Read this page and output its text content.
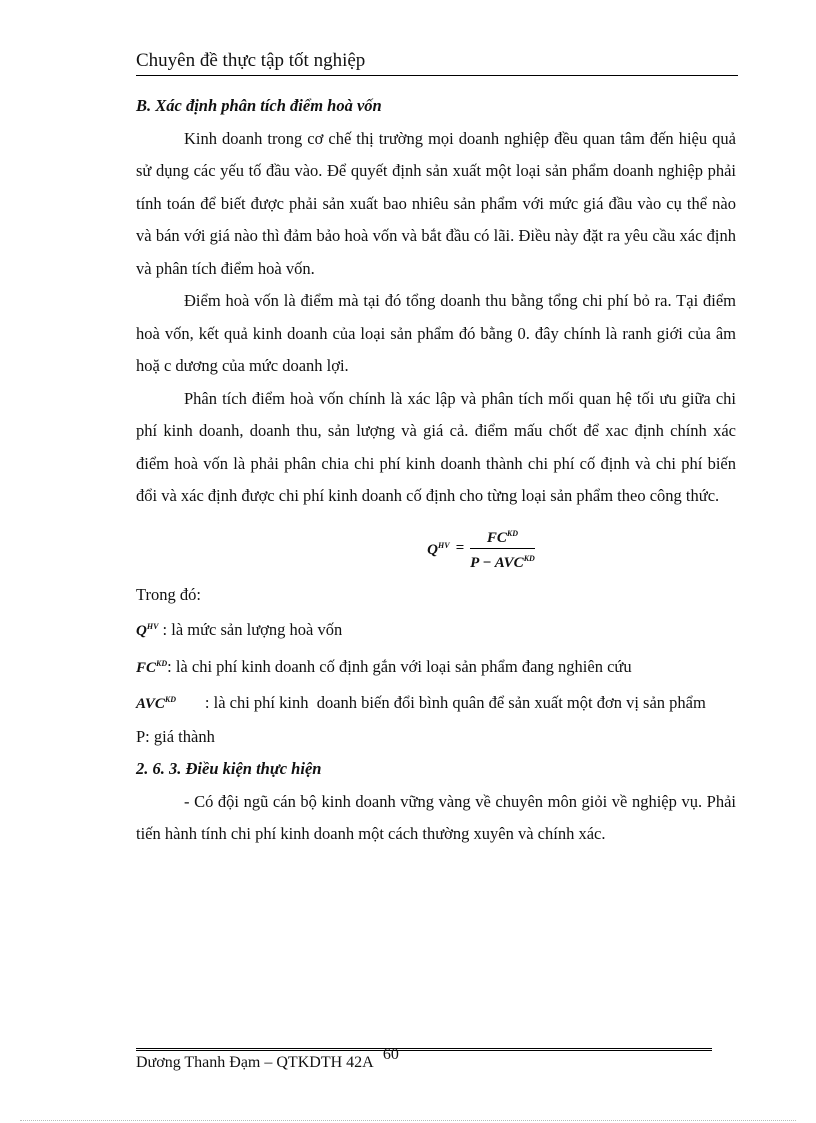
Chuyên đề thực tập tốt nghiệp

B. Xác định phân tích điểm hoà vốn

Kinh doanh trong cơ chế thị trường mọi doanh nghiệp đều quan tâm đến hiệu quả sử dụng các yếu tố đầu vào. Để quyết định sản xuất một loại sản phẩm doanh nghiệp phải tính toán để biết được phải sản xuất bao nhiêu sản phẩm với mức giá đầu vào cụ thể nào và bán với giá nào thì đảm bảo hoà vốn và bắt đầu có lãi. Điều này đặt ra yêu cầu xác định và phân tích điểm hoà vốn.

Điểm hoà vốn là điểm mà tại đó tổng doanh thu bằng tổng chi phí bỏ ra. Tại điểm hoà vốn, kết quả kinh doanh của loại sản phẩm đó bằng 0. đây chính là ranh giới của âm hoặ c dương của mức doanh lợi.

Phân tích điểm hoà vốn chính là xác lập và phân tích mối quan hệ tối ưu giữa chi phí kinh doanh, doanh thu, sản lượng và giá cả. điểm mấu chốt để xac định chính xác điểm hoà vốn là phải phân chia chi phí kinh doanh thành chi phí cố định và chi phí biến đổi và xác định được chi phí kinh doanh cố định cho từng loại sản phẩm theo công thức.

$Q^{HV} = \frac{FC^{KD}}{P - AVC^{KD}}$

Trong đó:

$Q^{HV}$ : là mức sản lượng hoà vốn

$FC^{KD}$: là chi phí kinh doanh cố định gắn với loại sản phẩm đang nghiên cứu

$AVC^{KD}$       : là chi phí kinh  doanh biến đổi bình quân để sản xuất một đơn vị sản phẩm

P: giá thành

2. 6. 3. Điều kiện thực hiện

- Có đội ngũ cán bộ kinh doanh vững vàng về chuyên môn giỏi về nghiệp vụ. Phải tiến hành tính chi phí kinh doanh một cách thường xuyên và chính xác.

Dương Thanh Đạm – QTKDTH 42A 60
